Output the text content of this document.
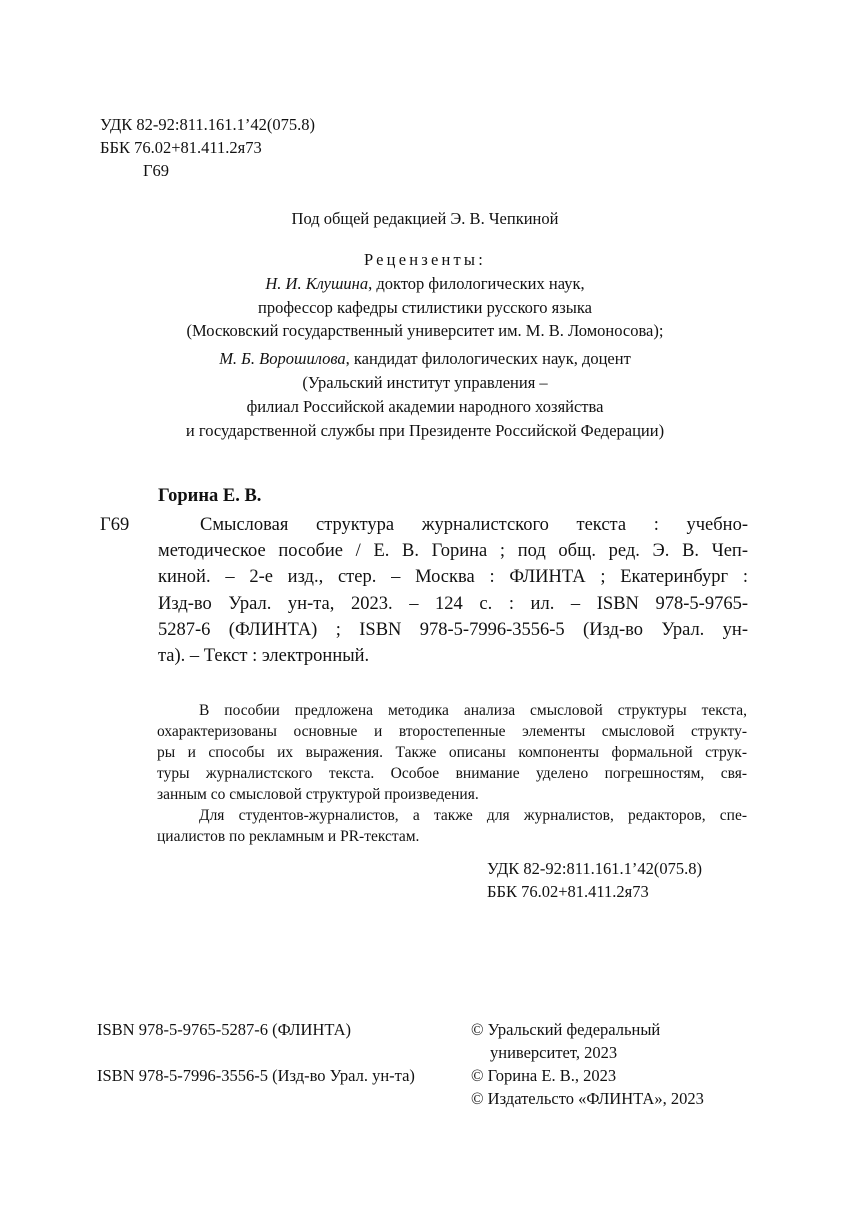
УДК 82-92:811.161.1’42(075.8)
ББК 76.02+81.411.2я73
Г69
Под общей редакцией Э. В. Чепкиной
Рецензенты:
Н. И. Клушина, доктор филологических наук,
профессор кафедры стилистики русского языка
(Московский государственный университет им. М. В. Ломоносова);
М. Б. Ворошилова, кандидат филологических наук, доцент
(Уральский институт управления –
филиал Российской академии народного хозяйства
и государственной службы при Президенте Российской Федерации)
Горина Е. В.
Г69	Смысловая структура журналистского текста : учебно-
методическое пособие / Е. В. Горина ; под общ. ред. Э. В. Чеп-
киной. – 2-е изд., стер. – Москва : ФЛИНТА ; Екатеринбург :
Изд-во Урал. ун-та, 2023. – 124 с. : ил. – ISBN 978-5-9765-
5287-6 (ФЛИНТА) ; ISBN 978-5-7996-3556-5 (Изд-во Урал. ун-
та). – Текст : электронный.
В пособии предложена методика анализа смысловой структуры текста,
охарактеризованы основные и второстепенные элементы смысловой структу-
ры и способы их выражения. Также описаны компоненты формальной струк-
туры журналистского текста. Особое внимание уделено погрешностям, свя-
занным со смысловой структурой произведения.
Для студентов-журналистов, а также для журналистов, редакторов, спе-
циалистов по рекламным и PR-текстам.
УДК 82-92:811.161.1’42(075.8)
ББК 76.02+81.411.2я73
ISBN 978-5-9765-5287-6 (ФЛИНТА)
ISBN 978-5-7996-3556-5 (Изд-во Урал. ун-та)
© Уральский федеральный
университет, 2023
© Горина Е. В., 2023
© Издательсто «ФЛИНТА», 2023
